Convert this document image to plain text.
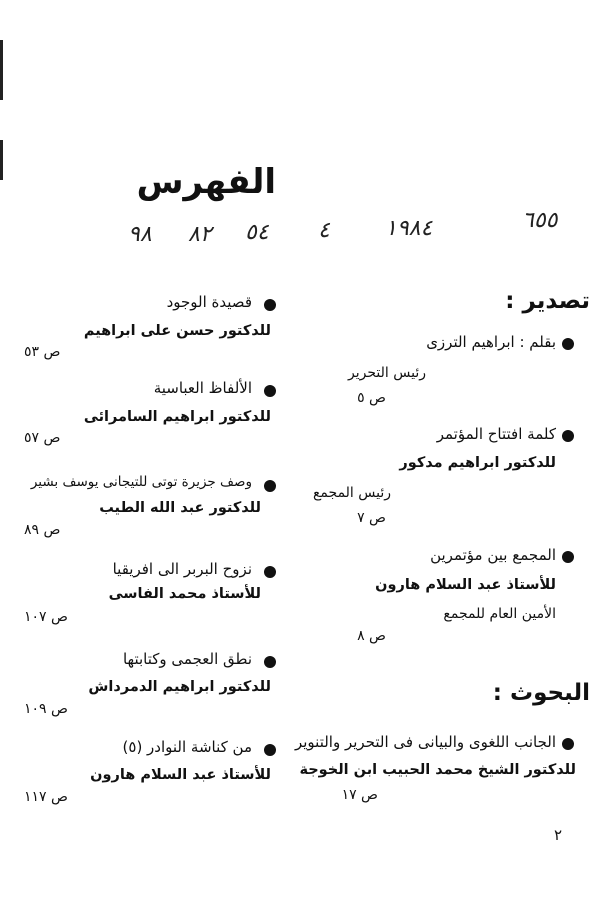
الفهرس
٦٥٥
١٩٨٤
٤
٥٤
٨٢
٩٨
تصدير :
بقلم : ابراهيم الترزى
رئيس التحرير
ص ٥
كلمة افتتاح المؤتمر
للدكتور ابراهيم مدكور
رئيس المجمع
ص ٧
المجمع بين مؤتمرين
للأستاذ عبد السلام هارون
الأمين العام للمجمع
ص ٨
البحوث :
الجانب اللغوى والبيانى فى التحرير والتنوير
للدكتور الشيخ محمد الحبيب ابن الخوجة
ص ١٧
قصيدة الوجود
للدكتور حسن على ابراهيم
ص ٥٣
الألفاظ العباسية
للدكتور ابراهيم السامرائى
ص ٥٧
وصف جزيرة توتى للتيجانى يوسف بشير
للدكتور عبد الله الطيب
ص ٨٩
نزوح البربر الى افريقيا
للأستاذ محمد الفاسى
ص ١٠٧
نطق العجمى وكتابتها
للدكتور ابراهيم الدمرداش
ص ١٠٩
من كناشة النوادر (٥)
للأستاذ عبد السلام هارون
ص ١١٧
٢
